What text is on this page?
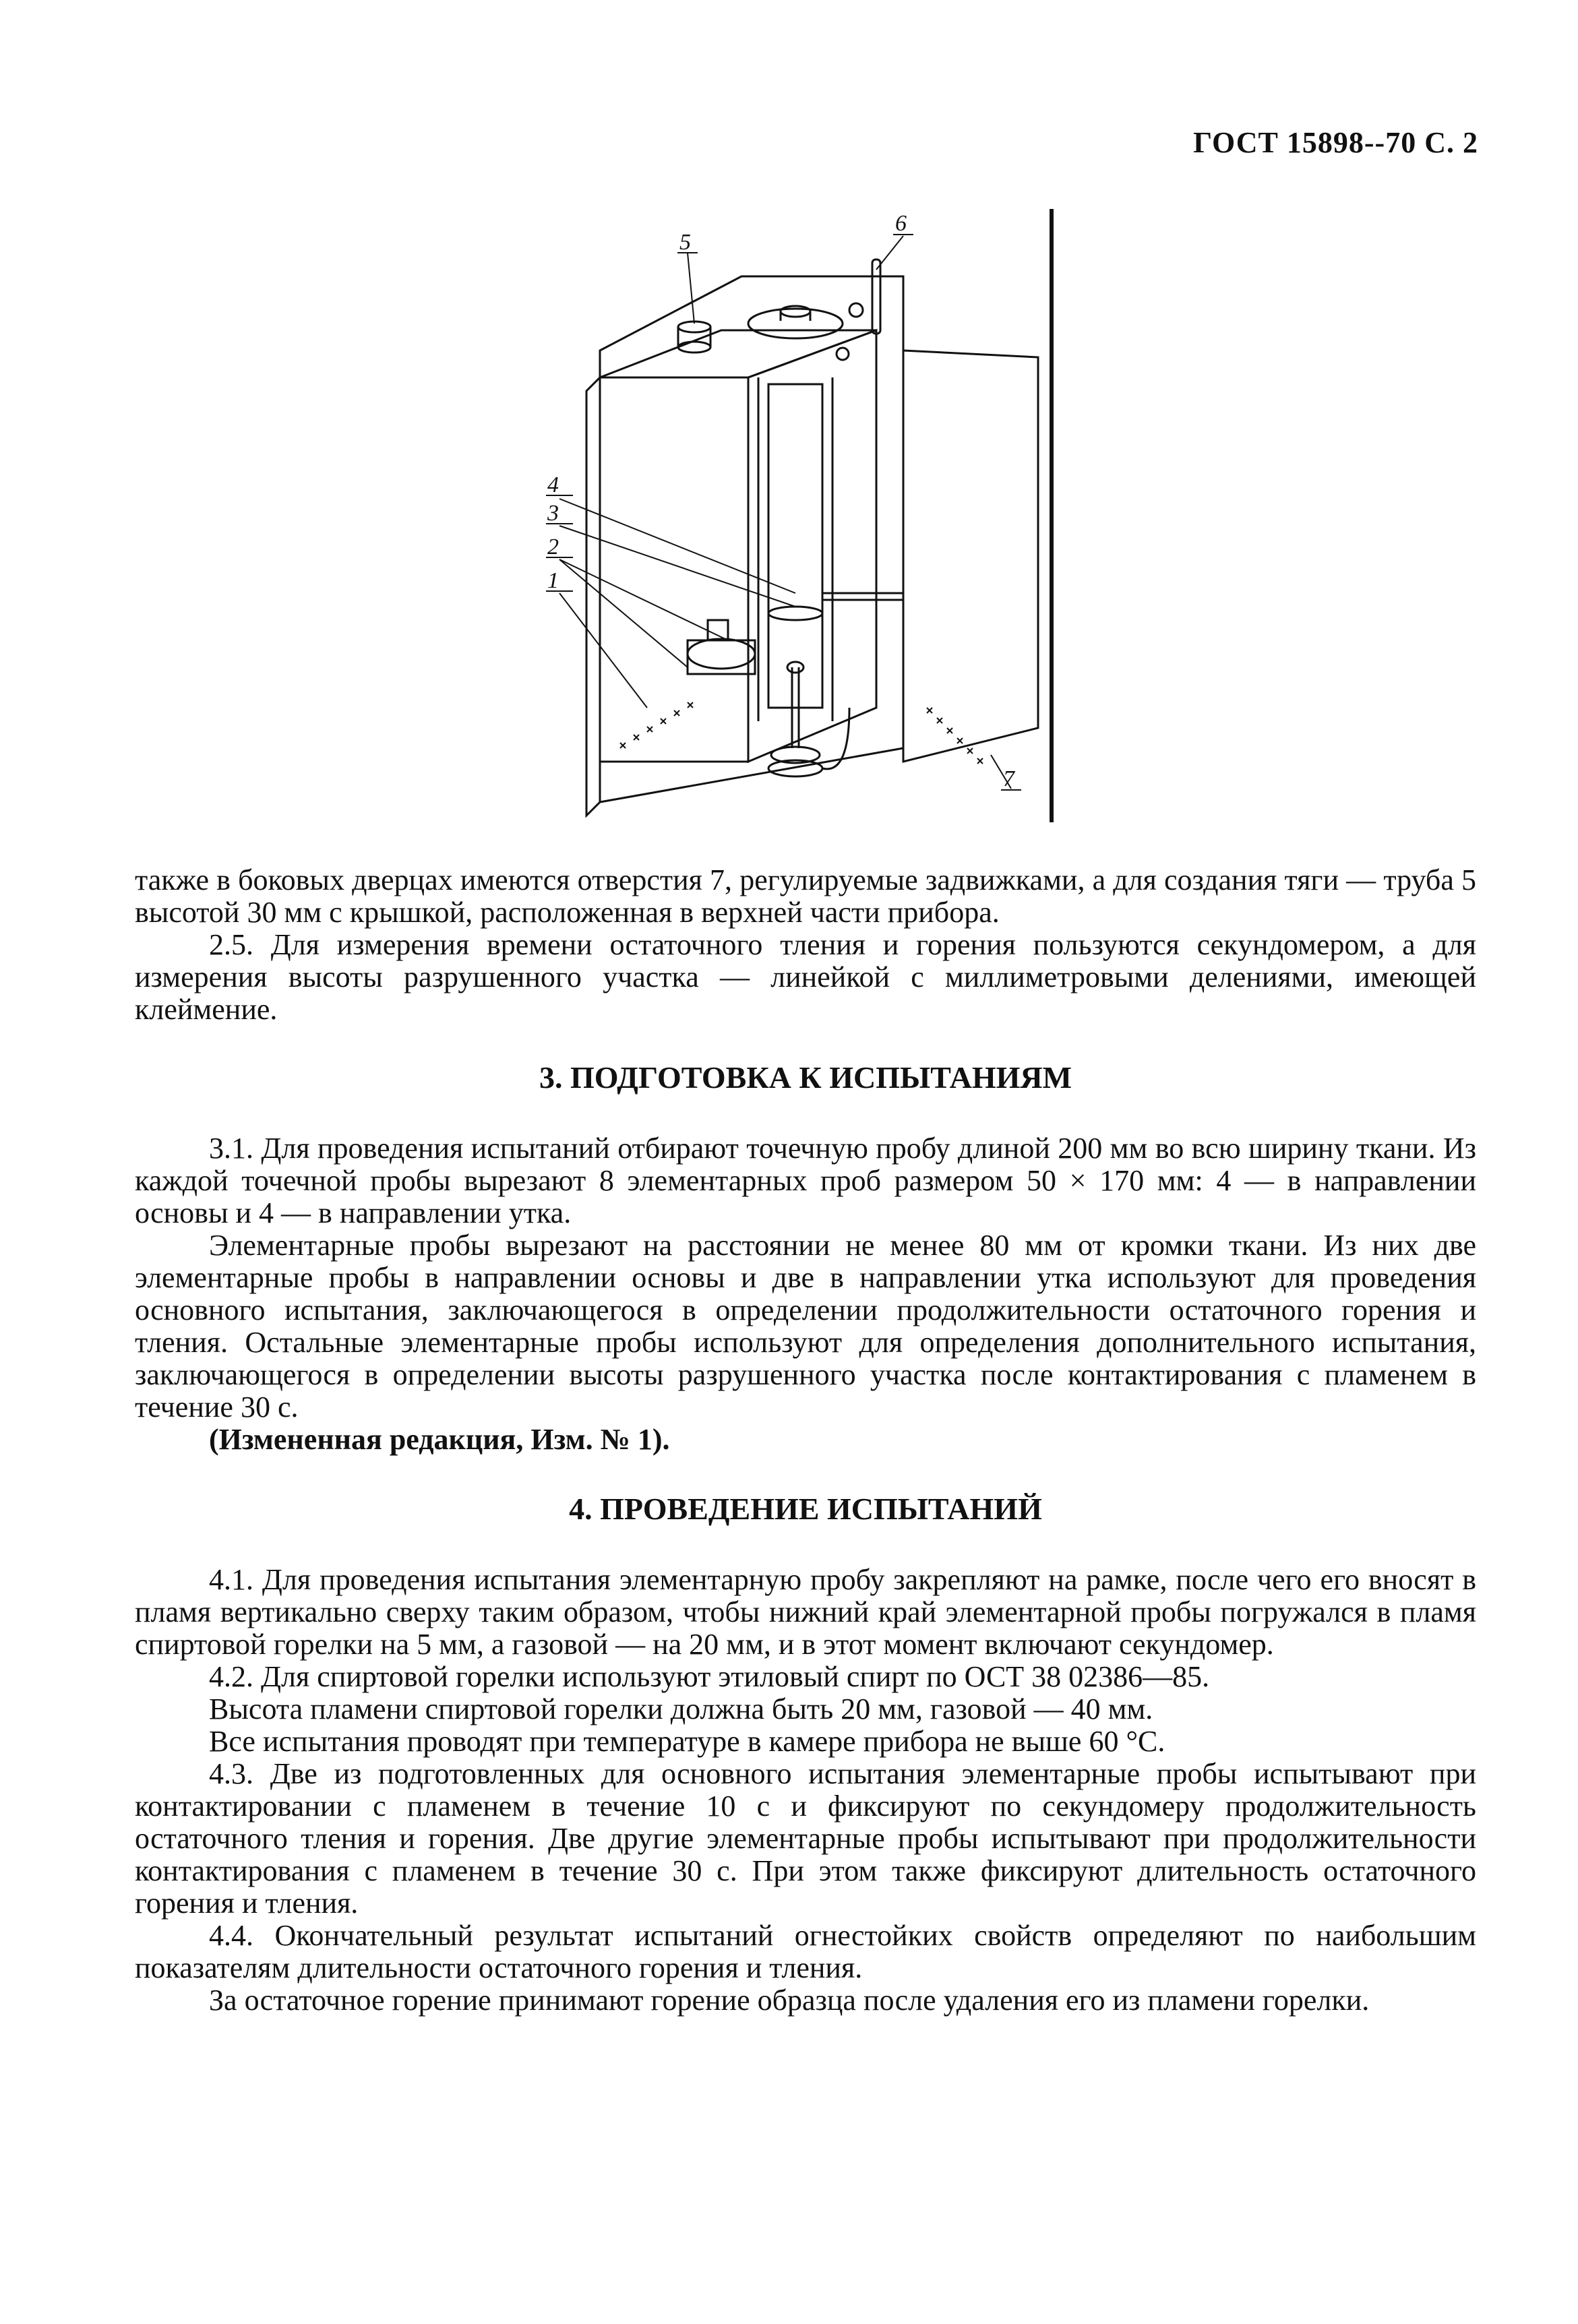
ГОСТ 15898--70 С. 2
1
2
3
4
5
6
7

также в боковых дверцах имеются отверстия 7, регулируемые задвижками, а для создания тяги — труба 5 высотой 30 мм с крышкой, расположенная в верхней части прибора.

2.5. Для измерения времени остаточного тления и горения пользуются секундомером, а для измерения высоты разрушенного участка — линейкой с миллиметровыми делениями, имеющей клеймение.

3. ПОДГОТОВКА К ИСПЫТАНИЯМ

3.1. Для проведения испытаний отбирают точечную пробу длиной 200 мм во всю ширину ткани. Из каждой точечной пробы вырезают 8 элементарных проб размером 50 × 170 мм: 4 — в направлении основы и 4 — в направлении утка.

Элементарные пробы вырезают на расстоянии не менее 80 мм от кромки ткани. Из них две элементарные пробы в направлении основы и две в направлении утка используют для проведения основного испытания, заключающегося в определении продолжительности остаточного горения и тления. Остальные элементарные пробы используют для определения дополнительного испытания, заключающегося в определении высоты разрушенного участка после контактирования с пламенем в течение 30 с.

(Измененная редакция, Изм. № 1).

4. ПРОВЕДЕНИЕ ИСПЫТАНИЙ

4.1. Для проведения испытания элементарную пробу закрепляют на рамке, после чего его вносят в пламя вертикально сверху таким образом, чтобы нижний край элементарной пробы погружался в пламя спиртовой горелки на 5 мм, а газовой — на 20 мм, и в этот момент включают секундомер.

4.2. Для спиртовой горелки используют этиловый спирт по ОСТ 38 02386—85.

Высота пламени спиртовой горелки должна быть 20 мм, газовой — 40 мм.

Все испытания проводят при температуре в камере прибора не выше 60 °С.

4.3. Две из подготовленных для основного испытания элементарные пробы испытывают при контактировании с пламенем в течение 10 с и фиксируют по секундомеру продолжительность остаточного тления и горения. Две другие элементарные пробы испытывают при продолжительности контактирования с пламенем в течение 30 с. При этом также фиксируют длительность остаточного горения и тления.

4.4. Окончательный результат испытаний огнестойких свойств определяют по наибольшим показателям длительности остаточного горения и тления.

За остаточное горение принимают горение образца после удаления его из пламени горелки.
